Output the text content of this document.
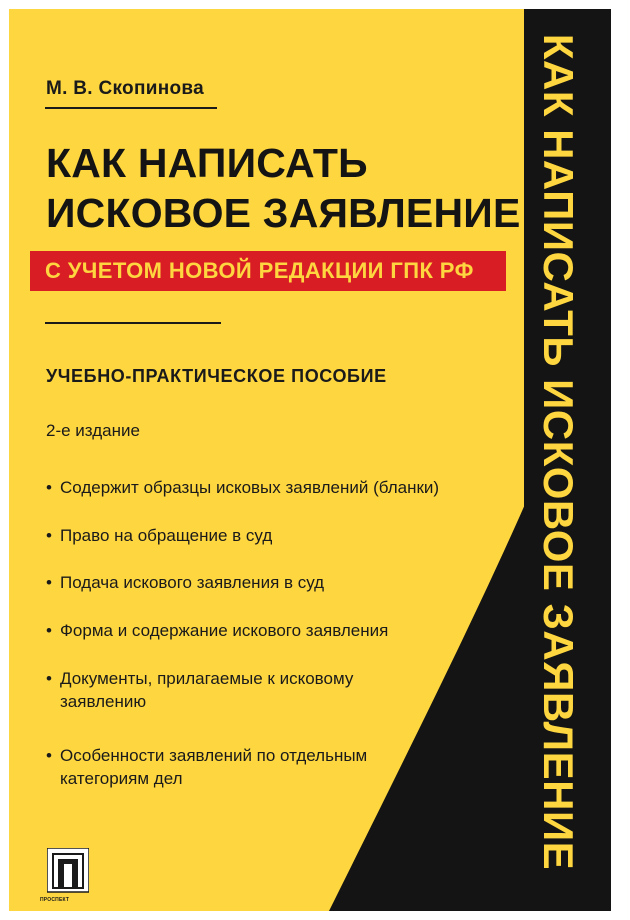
КАК НАПИСАТЬ ИСКОВОЕ ЗАЯВЛЕНИЕ
М. В. Скопинова
КАК НАПИСАТЬ
ИСКОВОЕ ЗАЯВЛЕНИЕ
С УЧЕТОМ НОВОЙ РЕДАКЦИИ ГПК РФ
УЧЕБНО-ПРАКТИЧЕСКОЕ ПОСОБИЕ
2-е издание
• Содержит образцы исковых заявлений (бланки)
• Право на обращение в суд
• Подача искового заявления в суд
• Форма и содержание искового заявления
• Документы, прилагаемые к исковому
заявлению
• Особенности заявлений по отдельным
категориям дел
ПРОСПЕКТ
